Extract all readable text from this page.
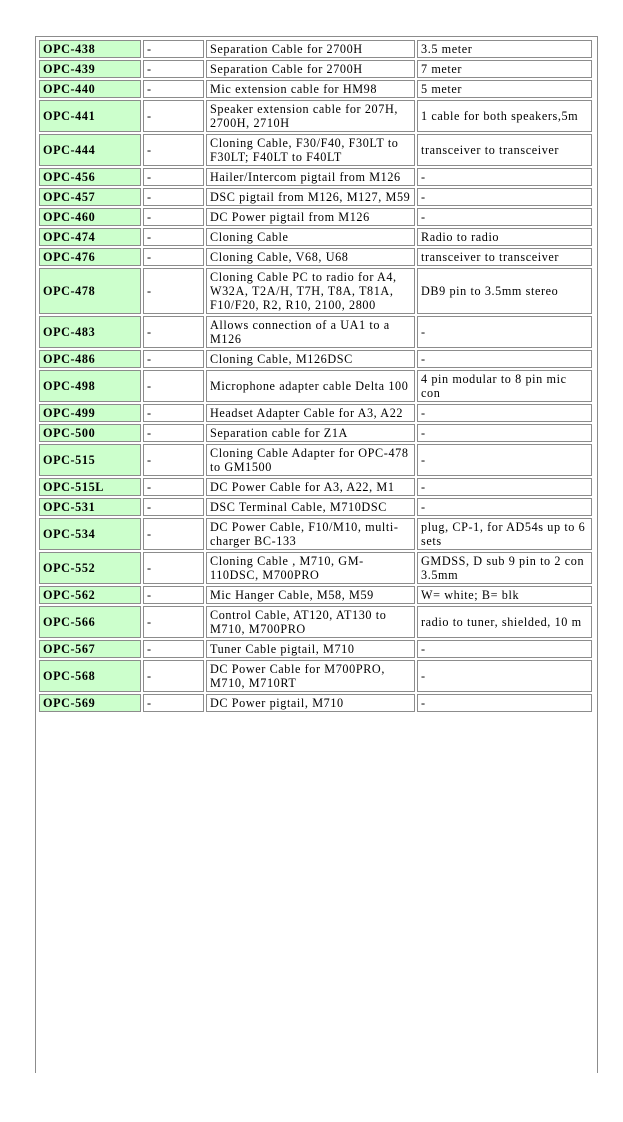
OPC-438	-	Separation Cable for 2700H	3.5 meter
OPC-439	-	Separation Cable for 2700H	7 meter
OPC-440	-	Mic extension cable for HM98	5 meter
OPC-441	-	Speaker extension cable for 207H, 2700H, 2710H	1 cable for both speakers,5m
OPC-444	-	Cloning Cable, F30/F40, F30LT to F30LT; F40LT to F40LT	transceiver to transceiver
OPC-456	-	Hailer/Intercom pigtail from M126	-
OPC-457	-	DSC pigtail from M126, M127, M59	-
OPC-460	-	DC Power pigtail from M126	-
OPC-474	-	Cloning Cable	Radio to radio
OPC-476	-	Cloning Cable, V68, U68	transceiver to transceiver
OPC-478	-	Cloning Cable PC to radio for A4, W32A, T2A/H, T7H, T8A, T81A, F10/F20, R2, R10, 2100, 2800	DB9 pin to 3.5mm stereo
OPC-483	-	Allows connection of a UA1 to a M126	-
OPC-486	-	Cloning Cable, M126DSC	-
OPC-498	-	Microphone adapter cable Delta 100	4 pin modular to 8 pin mic con
OPC-499	-	Headset Adapter Cable for A3, A22	-
OPC-500	-	Separation cable for Z1A	-
OPC-515	-	Cloning Cable Adapter for OPC-478 to GM1500	-
OPC-515L	-	DC Power Cable for A3, A22, M1	-
OPC-531	-	DSC Terminal Cable, M710DSC	-
OPC-534	-	DC Power Cable, F10/M10, multi-charger BC-133	plug, CP-1, for AD54s up to 6 sets
OPC-552	-	Cloning Cable , M710, GM-110DSC, M700PRO	GMDSS, D sub 9 pin to 2 con 3.5mm
OPC-562	-	Mic Hanger Cable, M58, M59	W= white; B= blk
OPC-566	-	Control Cable, AT120, AT130 to M710, M700PRO	radio to tuner, shielded, 10 m
OPC-567	-	Tuner Cable pigtail, M710	-
OPC-568	-	DC Power Cable for M700PRO, M710, M710RT	-
OPC-569	-	DC Power pigtail, M710	-
